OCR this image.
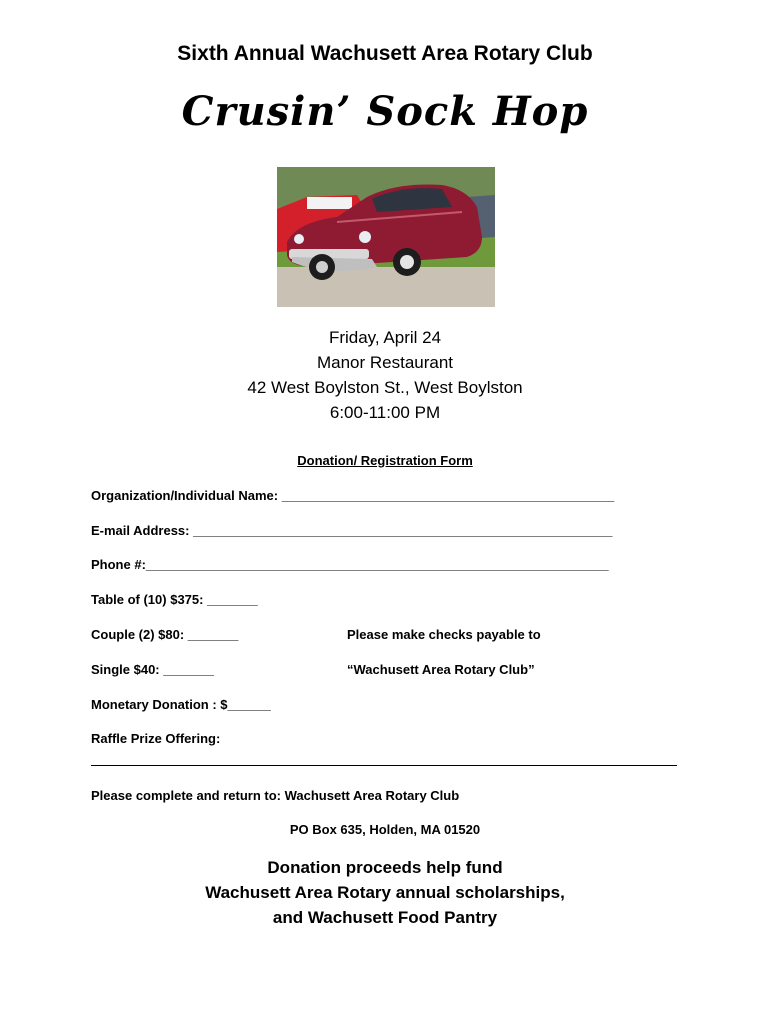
Sixth Annual Wachusett Area Rotary Club
Crusin’ Sock Hop
Friday, April 24
Manor Restaurant
42 West Boylston St., West Boylston
6:00-11:00 PM
Donation/ Registration Form
Organization/Individual Name: ______________________________________________
E-mail Address: __________________________________________________________
Phone #:________________________________________________________________
Table of (10) $375: _______
Couple (2) $80: _______	Please make checks payable to
Single $40: _______	“Wachusett Area Rotary Club”
Monetary Donation : $______
Raffle Prize Offering:
Please complete and return to: Wachusett Area Rotary Club
PO Box 635, Holden, MA 01520
Donation proceeds help fund
Wachusett Area Rotary annual scholarships,
and Wachusett Food Pantry
